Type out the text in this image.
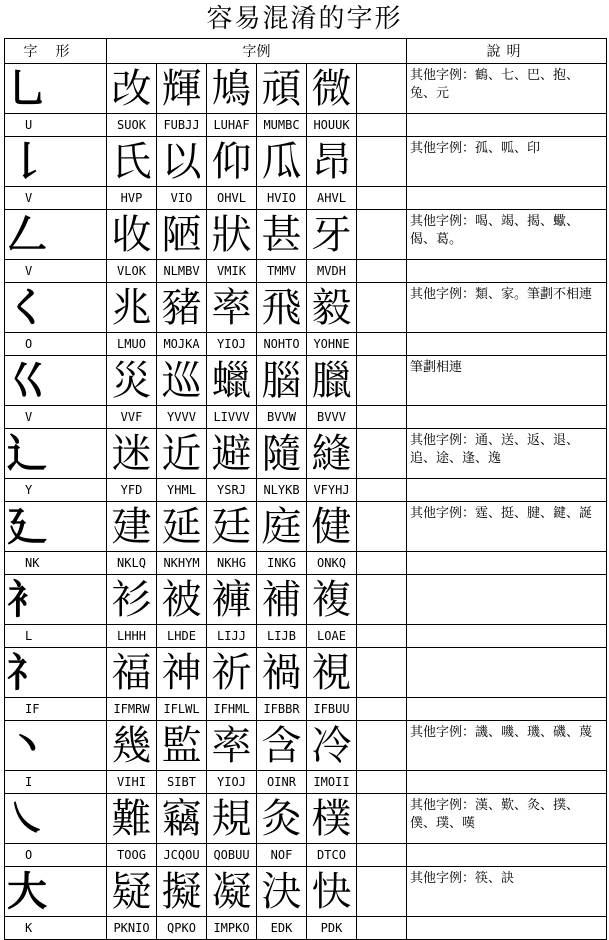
容易混淆的字形
字形	字例						說明
乚	改	輝	鳩	頑	微		其他字例：鶴、七、巴、抱、兔、元
U	SUOK	FUBJJ	LUHAF	MUMBC	HOUUK		
𠄌	氏	以	仰	瓜	昂		其他字例：孤、呱、印
V	HVP	VIO	OHVL	HVIO	AHVL		
𠃋	收	陋	狀	甚	牙		其他字例：喝、竭、揭、蠍、偈、葛。
V	VLOK	NLMBV	VMIK	TMMV	MVDH		
く	兆	豬	率	飛	毅		其他字例：類、家。筆劃不相連
O	LMUO	MOJKA	YIOJ	NOHTO	YOHNE		
巜	災	巡	蠟	腦	臘		筆劃相連
V	VVF	YVVV	LIVVV	BVVW	BVVV		
辶	迷	近	避	隨	縫		其他字例：通、送、返、退、追、途、逢、逸
Y	YFD	YHML	YSRJ	NLYKB	VFYHJ		
廴	建	延	廷	庭	健		其他字例：霆、挺、腱、鍵、誕
NK	NKLQ	NKHYM	NKHG	INKG	ONKQ		
衤	衫	被	褲	補	複		
L	LHHH	LHDE	LIJJ	LIJB	LOAE		
礻	福	神	祈	禍	視		
IF	IFMRW	IFLWL	IFHML	IFBBR	IFBUU		
丶	幾	監	率	含	冷		其他字例：譏、嘰、璣、磯、蔑
I	VIHI	SIBT	YIOJ	OINR	IMOII		
㇏	難	竊	規	灸	樸		其他字例：漢、歎、灸、撲、僕、璞、嘆
O	TOOG	JCQOU	QOBUU	NOF	DTCO		
大	疑	擬	凝	決	快		其他字例：筷、訣
K	PKNIO	QPKO	IMPKO	EDK	PDK		
